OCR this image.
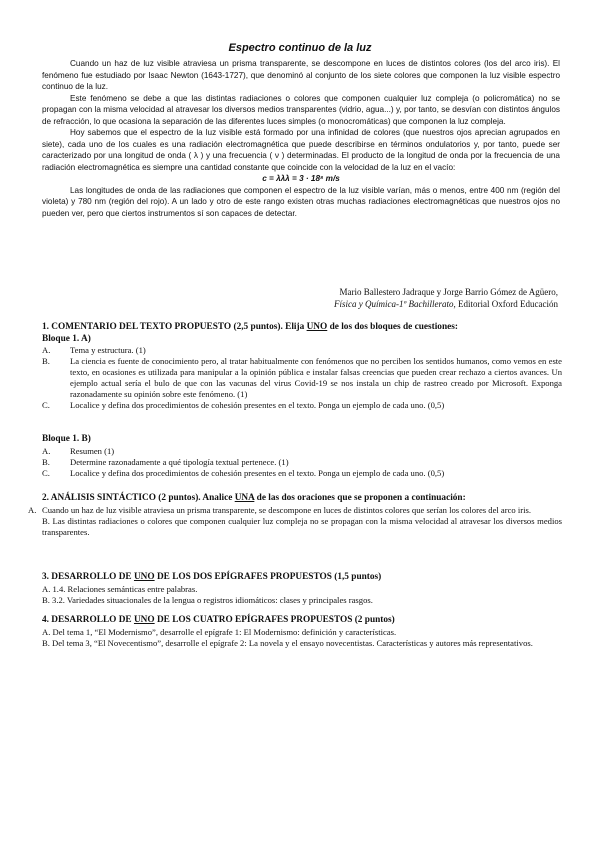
Espectro continuo de la luz

Cuando un haz de luz visible atraviesa un prisma transparente, se descompone en luces de distintos colores (los del arco iris). El fenómeno fue estudiado por Isaac Newton (1643-1727), que denominó al conjunto de los siete colores que componen la luz visible espectro continuo de la luz.

Este fenómeno se debe a que las distintas radiaciones o colores que componen cualquier luz compleja (o policromática) no se propagan con la misma velocidad al atravesar los diversos medios transparentes (vidrio, agua...) y, por tanto, se desvían con distintos ángulos de refracción, lo que ocasiona la separación de las diferentes luces simples (o monocromáticas) que componen la luz compleja.

Hoy sabemos que el espectro de la luz visible está formado por una infinidad de colores (que nuestros ojos aprecian agrupados en siete), cada uno de los cuales es una radiación electromagnética que puede describirse en términos ondulatorios y, por tanto, puede ser caracterizado por una longitud de onda ( λ ) y una frecuencia ( ν ) determinadas. El producto de la longitud de onda por la frecuencia de una radiación electromagnética es siempre una cantidad constante que coincide con la velocidad de la luz en el vacío:

c = λλλ = 3 · 18⁸ m/s

Las longitudes de onda de las radiaciones que componen el espectro de la luz visible varían, más o menos, entre 400 nm (región del violeta) y 780 nm (región del rojo). A un lado y otro de este rango existen otras muchas radiaciones electromagnéticas que nuestros ojos no pueden ver, pero que ciertos instrumentos sí son capaces de detectar.

Mario Ballestero Jadraque y Jorge Barrio Gómez de Agüero,
Física y Química-1º Bachillerato, Editorial Oxford Educación
1. COMENTARIO DEL TEXTO PROPUESTO (2,5 puntos). Elija UNO de los dos bloques de cuestiones:
Bloque 1. A)
A.	Tema y estructura. (1)
B.	La ciencia es fuente de conocimiento pero, al tratar habitualmente con fenómenos que no perciben los sentidos humanos, como vemos en este texto, en ocasiones es utilizada para manipular a la opinión pública e instalar falsas creencias que pueden crear rechazo a ciertos avances. Un ejemplo actual sería el bulo de que con las vacunas del virus Covid-19 se nos instala un chip de rastreo creado por Microsoft. Exponga razonadamente su opinión sobre este fenómeno. (1)
C.	Localice y defina dos procedimientos de cohesión presentes en el texto. Ponga un ejemplo de cada uno. (0,5)
Bloque 1. B)
A.	Resumen (1)
B.	Determine razonadamente a qué tipología textual pertenece. (1)
C.	Localice y defina dos procedimientos de cohesión presentes en el texto. Ponga un ejemplo de cada uno. (0,5)
2. ANÁLISIS SINTÁCTICO (2 puntos). Analice UNA de las dos oraciones que se proponen a continuación:
A. Cuando un haz de luz visible atraviesa un prisma transparente, se descompone en luces de distintos colores que serían los colores del arco iris.
B. Las distintas radiaciones o colores que componen cualquier luz compleja no se propagan con la misma velocidad al atravesar los diversos medios transparentes.
3. DESARROLLO DE UNO DE LOS DOS EPÍGRAFES PROPUESTOS (1,5 puntos)
A. 1.4. Relaciones semánticas entre palabras.
B. 3.2. Variedades situacionales de la lengua o registros idiomáticos: clases y principales rasgos.
4. DESARROLLO DE UNO DE LOS CUATRO EPÍGRAFES PROPUESTOS (2 puntos)
A. Del tema 1, “El Modernismo”, desarrolle el epígrafe 1: El Modernismo: definición y características.
B. Del tema 3, “El Novecentismo”, desarrolle el epígrafe 2: La novela y el ensayo novecentistas. Características y autores más representativos.
